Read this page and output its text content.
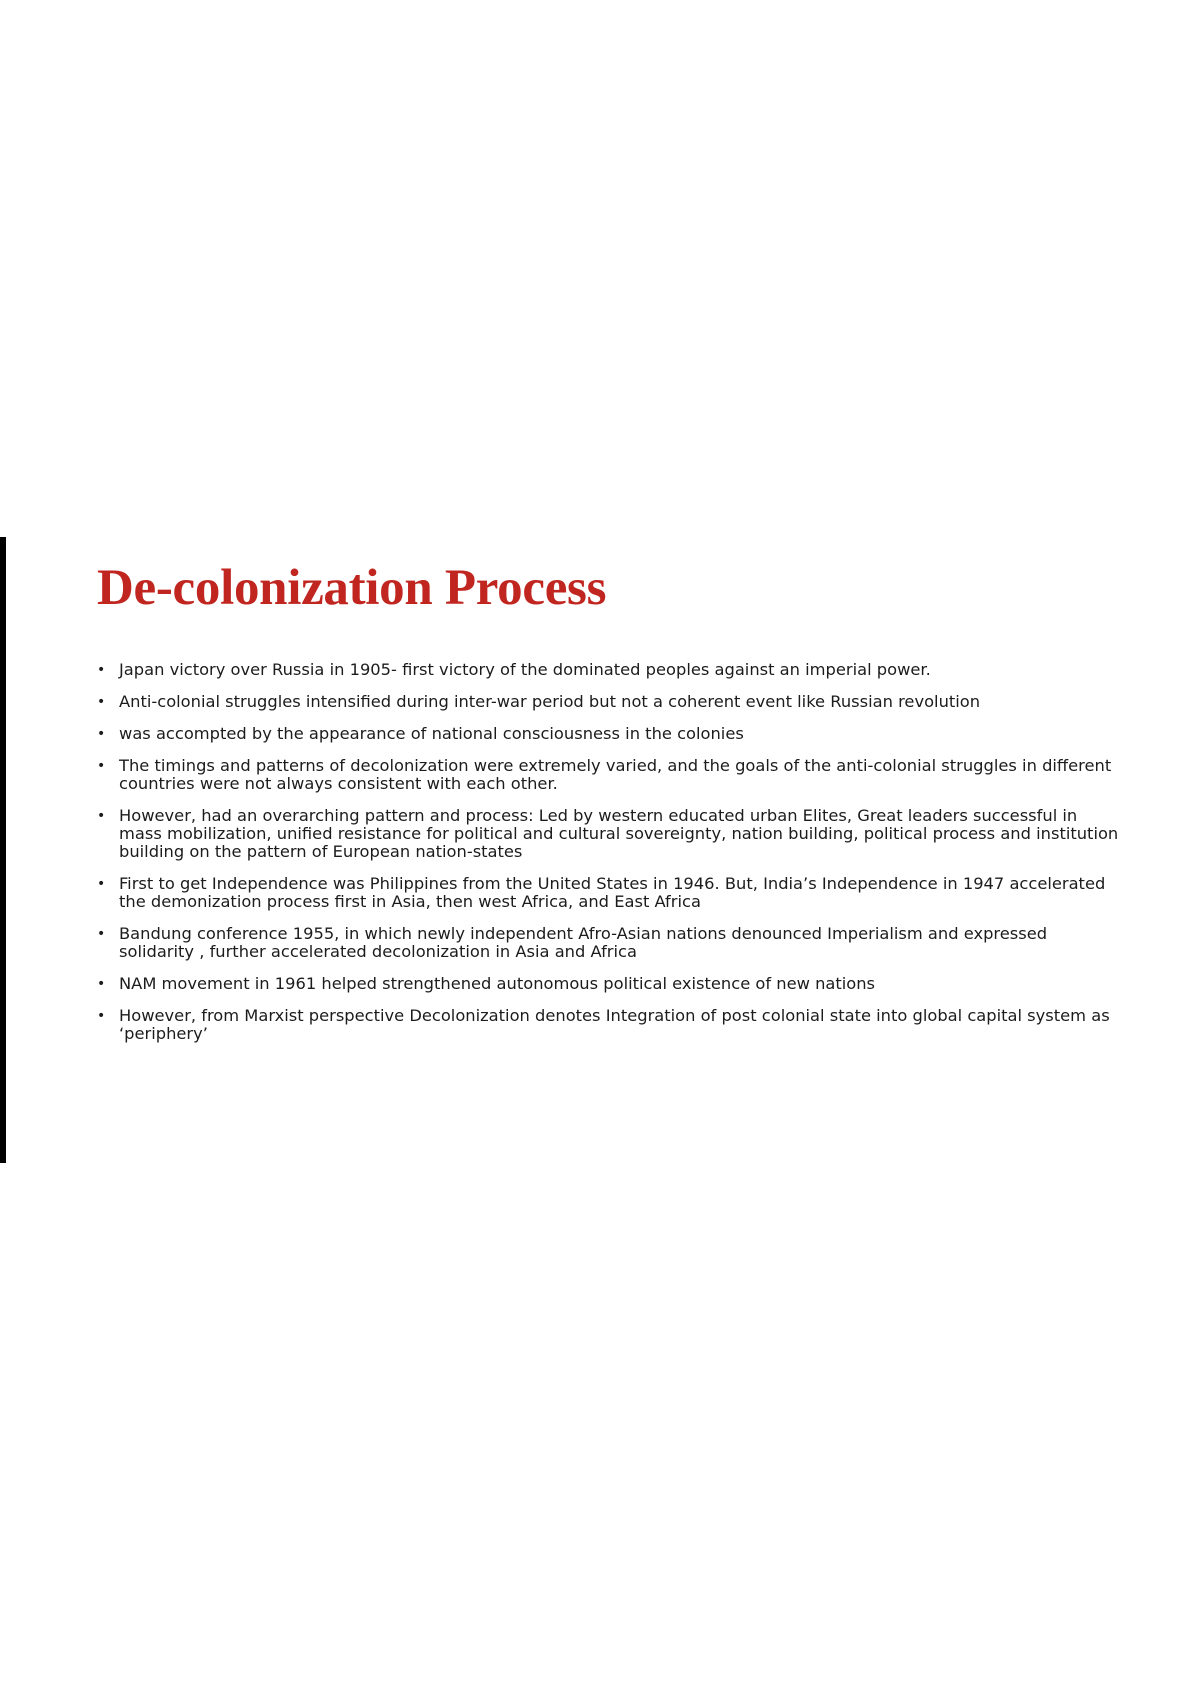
De-colonization Process
• Japan victory over Russia in 1905- first victory of the dominated peoples against an imperial power.
• Anti-colonial struggles intensified during inter-war period but not a coherent event like Russian revolution
• was accompted by the appearance of national consciousness in the colonies
• The timings and patterns of decolonization were extremely varied, and the goals of the anti-colonial struggles in different countries were not always consistent with each other.
• However, had an overarching pattern and process: Led by western educated urban Elites, Great leaders successful in mass mobilization, unified resistance for political and cultural sovereignty, nation building, political process and institution building on the pattern of European nation-states
• First to get Independence was Philippines from the United States in 1946. But, India’s Independence in 1947 accelerated the demonization process first in Asia, then west Africa, and East Africa
• Bandung conference 1955, in which newly independent Afro-Asian nations denounced Imperialism and expressed solidarity , further accelerated decolonization in Asia and Africa
• NAM movement in 1961 helped strengthened autonomous political existence of new nations
• However, from Marxist perspective Decolonization denotes Integration of post colonial state into global capital system as ‘periphery’
